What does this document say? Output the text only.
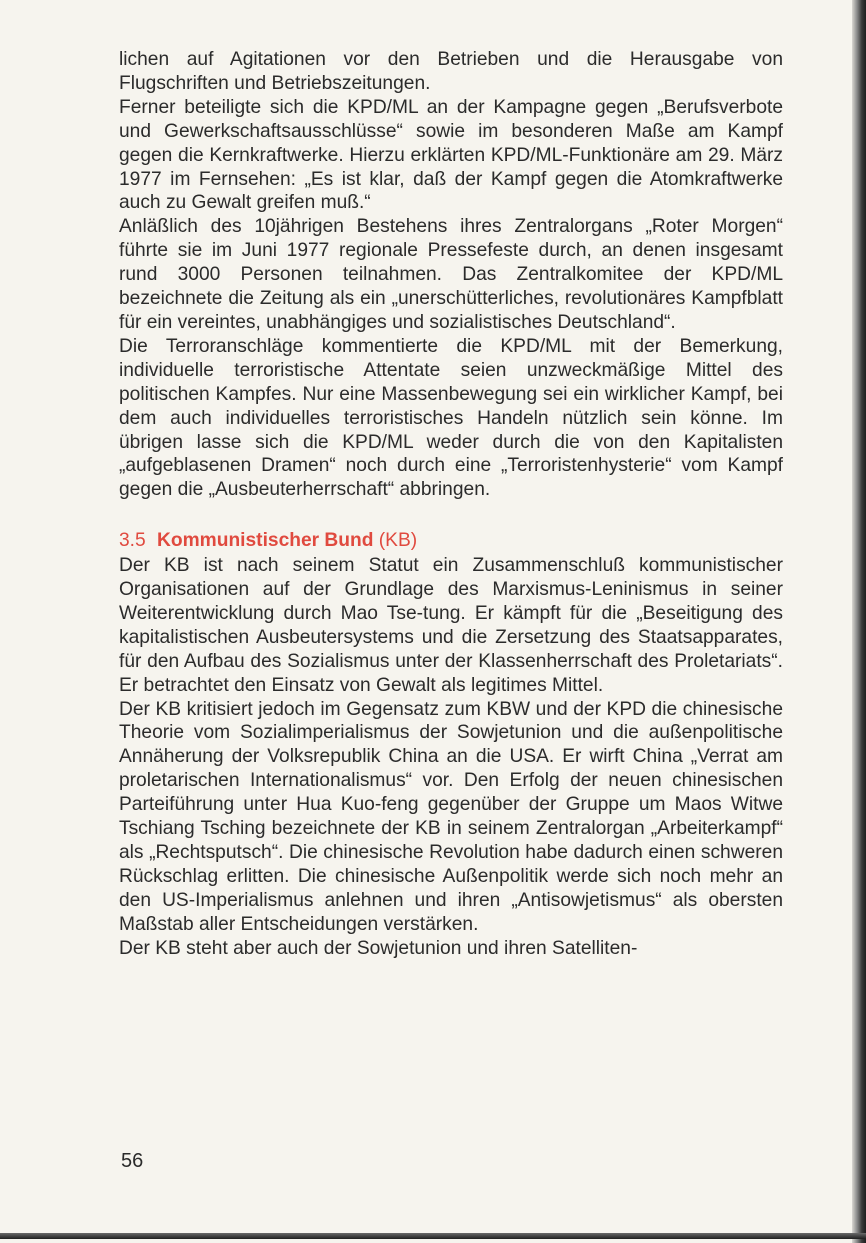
lichen auf Agitationen vor den Betrieben und die Herausgabe von Flugschriften und Betriebszeitungen.

Ferner beteiligte sich die KPD/ML an der Kampagne gegen „Berufsverbote und Gewerkschaftsausschlüsse“ sowie im besonderen Maße am Kampf gegen die Kernkraftwerke. Hierzu erklärten KPD/ML-Funktionäre am 29. März 1977 im Fernsehen: „Es ist klar, daß der Kampf gegen die Atomkraftwerke auch zu Gewalt greifen muß.“

Anläßlich des 10jährigen Bestehens ihres Zentralorgans „Roter Morgen“ führte sie im Juni 1977 regionale Pressefeste durch, an denen insgesamt rund 3000 Personen teilnahmen. Das Zentralkomitee der KPD/ML bezeichnete die Zeitung als ein „unerschütterliches, revolutionäres Kampfblatt für ein vereintes, unabhängiges und sozialistisches Deutschland“.

Die Terroranschläge kommentierte die KPD/ML mit der Bemerkung, individuelle terroristische Attentate seien unzweckmäßige Mittel des politischen Kampfes. Nur eine Massenbewegung sei ein wirklicher Kampf, bei dem auch individuelles terroristisches Handeln nützlich sein könne. Im übrigen lasse sich die KPD/ML weder durch die von den Kapitalisten „aufgeblasenen Dramen“ noch durch eine „Terroristenhysterie“ vom Kampf gegen die „Ausbeuterherrschaft“ abbringen.

3.5 Kommunistischer Bund (KB)

Der KB ist nach seinem Statut ein Zusammenschluß kommunistischer Organisationen auf der Grundlage des Marxismus-Leninismus in seiner Weiterentwicklung durch Mao Tse-tung. Er kämpft für die „Beseitigung des kapitalistischen Ausbeutersystems und die Zersetzung des Staatsapparates, für den Aufbau des Sozialismus unter der Klassenherrschaft des Proletariats“. Er betrachtet den Einsatz von Gewalt als legitimes Mittel.

Der KB kritisiert jedoch im Gegensatz zum KBW und der KPD die chinesische Theorie vom Sozialimperialismus der Sowjetunion und die außenpolitische Annäherung der Volksrepublik China an die USA. Er wirft China „Verrat am proletarischen Internationalismus“ vor. Den Erfolg der neuen chinesischen Parteiführung unter Hua Kuo-feng gegenüber der Gruppe um Maos Witwe Tschiang Tsching bezeichnete der KB in seinem Zentralorgan „Arbeiterkampf“ als „Rechtsputsch“. Die chinesische Revolution habe dadurch einen schweren Rückschlag erlitten. Die chinesische Außenpolitik werde sich noch mehr an den US-Imperialismus anlehnen und ihren „Antisowjetismus“ als obersten Maßstab aller Entscheidungen verstärken.

Der KB steht aber auch der Sowjetunion und ihren Satelliten-

56
